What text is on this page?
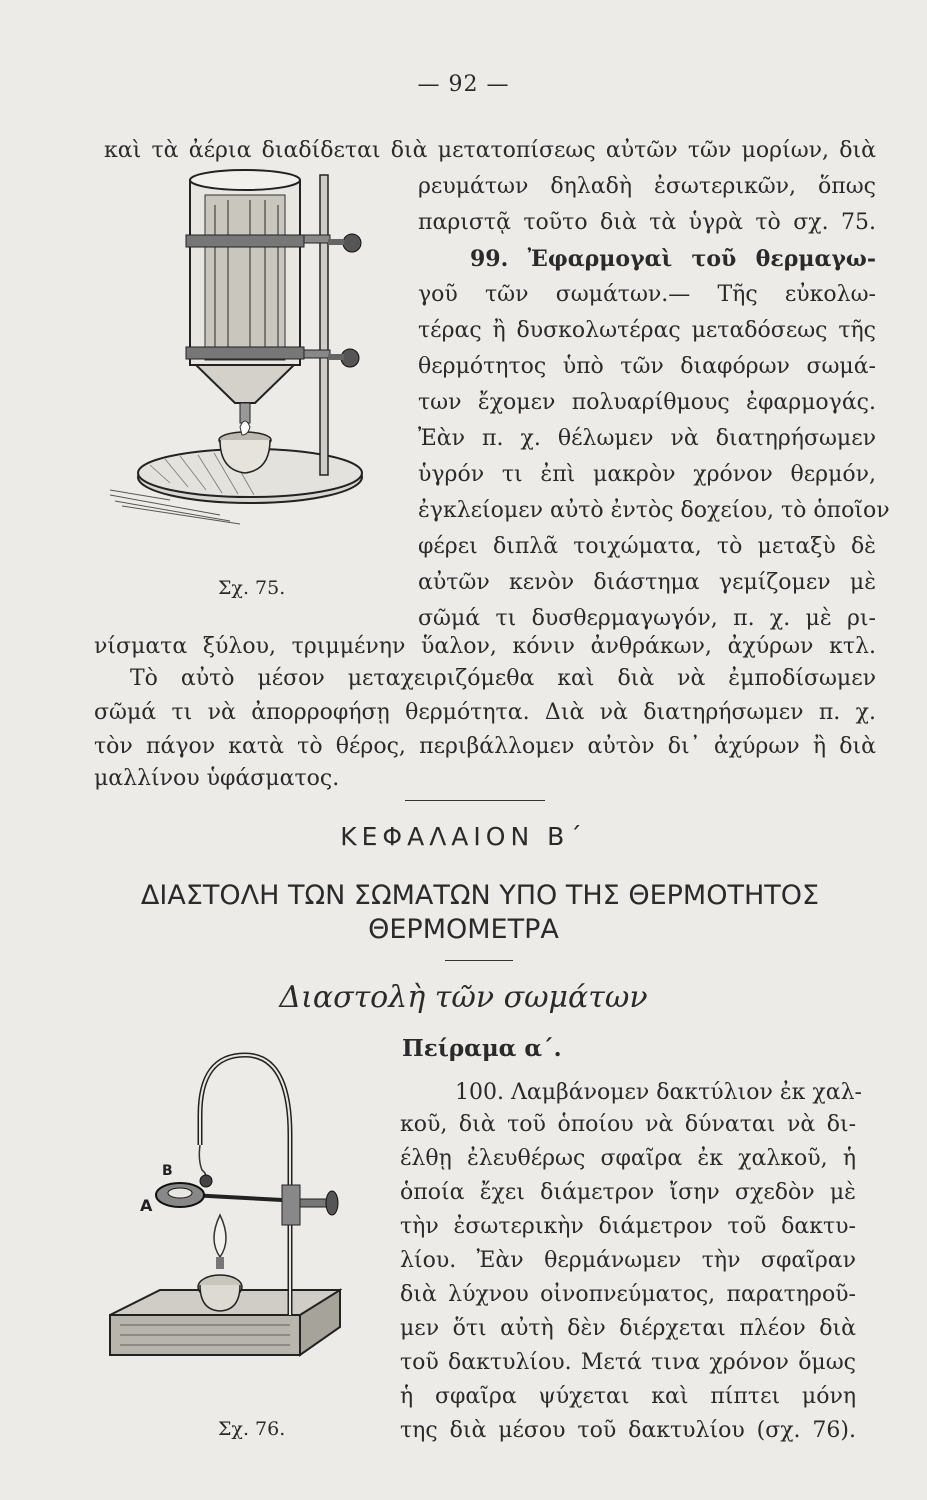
— 92 —
Σχ. 75.
καὶ τὰ ἀέρια διαδίδεται διὰ μετατοπίσεως αὐτῶν τῶν μορίων, διὰ
ρευμάτων δηλαδὴ ἐσωτερικῶν, ὅπως
παριστᾷ τοῦτο διὰ τὰ ὑγρὰ τὸ σχ. 75.
99. Ἐφαρμογαὶ τοῦ θερμαγω-
γοῦ τῶν σωμάτων.— Τῆς εὐκολω-
τέρας ἢ δυσκολωτέρας μεταδόσεως τῆς
θερμότητος ὑπὸ τῶν διαφόρων σωμά-
των ἔχομεν πολυαρίθμους ἐφαρμογάς.
Ἐὰν π. χ. θέλωμεν νὰ διατηρήσωμεν
ὑγρόν τι ἐπὶ μακρὸν χρόνον θερμόν,
ἐγκλείομεν αὐτὸ ἐντὸς δοχείου, τὸ ὁποῖον
φέρει διπλᾶ τοιχώματα, τὸ μεταξὺ δὲ
αὐτῶν κενὸν διάστημα γεμίζομεν μὲ
σῶμά τι δυσθερμαγωγόν, π. χ. μὲ ρι-
νίσματα ξύλου, τριμμένην ὕαλον, κόνιν ἀνθράκων, ἀχύρων κτλ.
Τὸ αὐτὸ μέσον μεταχειριζόμεθα καὶ διὰ νὰ ἐμποδίσωμεν
σῶμά τι νὰ ἀπορροφήσῃ θερμότητα. Διὰ νὰ διατηρήσωμεν π. χ.
τὸν πάγον κατὰ τὸ θέρος, περιβάλλομεν αὐτὸν δι᾿ ἀχύρων ἢ διὰ
μαλλίνου ὑφάσματος.
ΚΕΦΑΛΑΙΟΝ Β΄
ΔΙΑΣΤΟΛΗ ΤΩΝ ΣΩΜΑΤΩΝ ΥΠΟ ΤΗΣ ΘΕΡΜΟΤΗΤΟΣ
ΘΕΡΜΟΜΕΤΡΑ
Διαστολὴ τῶν σωμάτων
Πείραμα α΄.
A
B
Σχ. 76.
100. Λαμβάνομεν δακτύλιον ἐκ χαλ-
κοῦ, διὰ τοῦ ὁποίου νὰ δύναται νὰ δι-
έλθῃ ἐλευθέρως σφαῖρα ἐκ χαλκοῦ, ἡ
ὁποία ἔχει διάμετρον ἴσην σχεδὸν μὲ
τὴν ἐσωτερικὴν διάμετρον τοῦ δακτυ-
λίου. Ἐὰν θερμάνωμεν τὴν σφαῖραν
διὰ λύχνου οἰνοπνεύματος, παρατηροῦ-
μεν ὅτι αὐτὴ δὲν διέρχεται πλέον διὰ
τοῦ δακτυλίου. Μετά τινα χρόνον ὅμως
ἡ σφαῖρα ψύχεται καὶ πίπτει μόνη
της διὰ μέσου τοῦ δακτυλίου (σχ. 76).
